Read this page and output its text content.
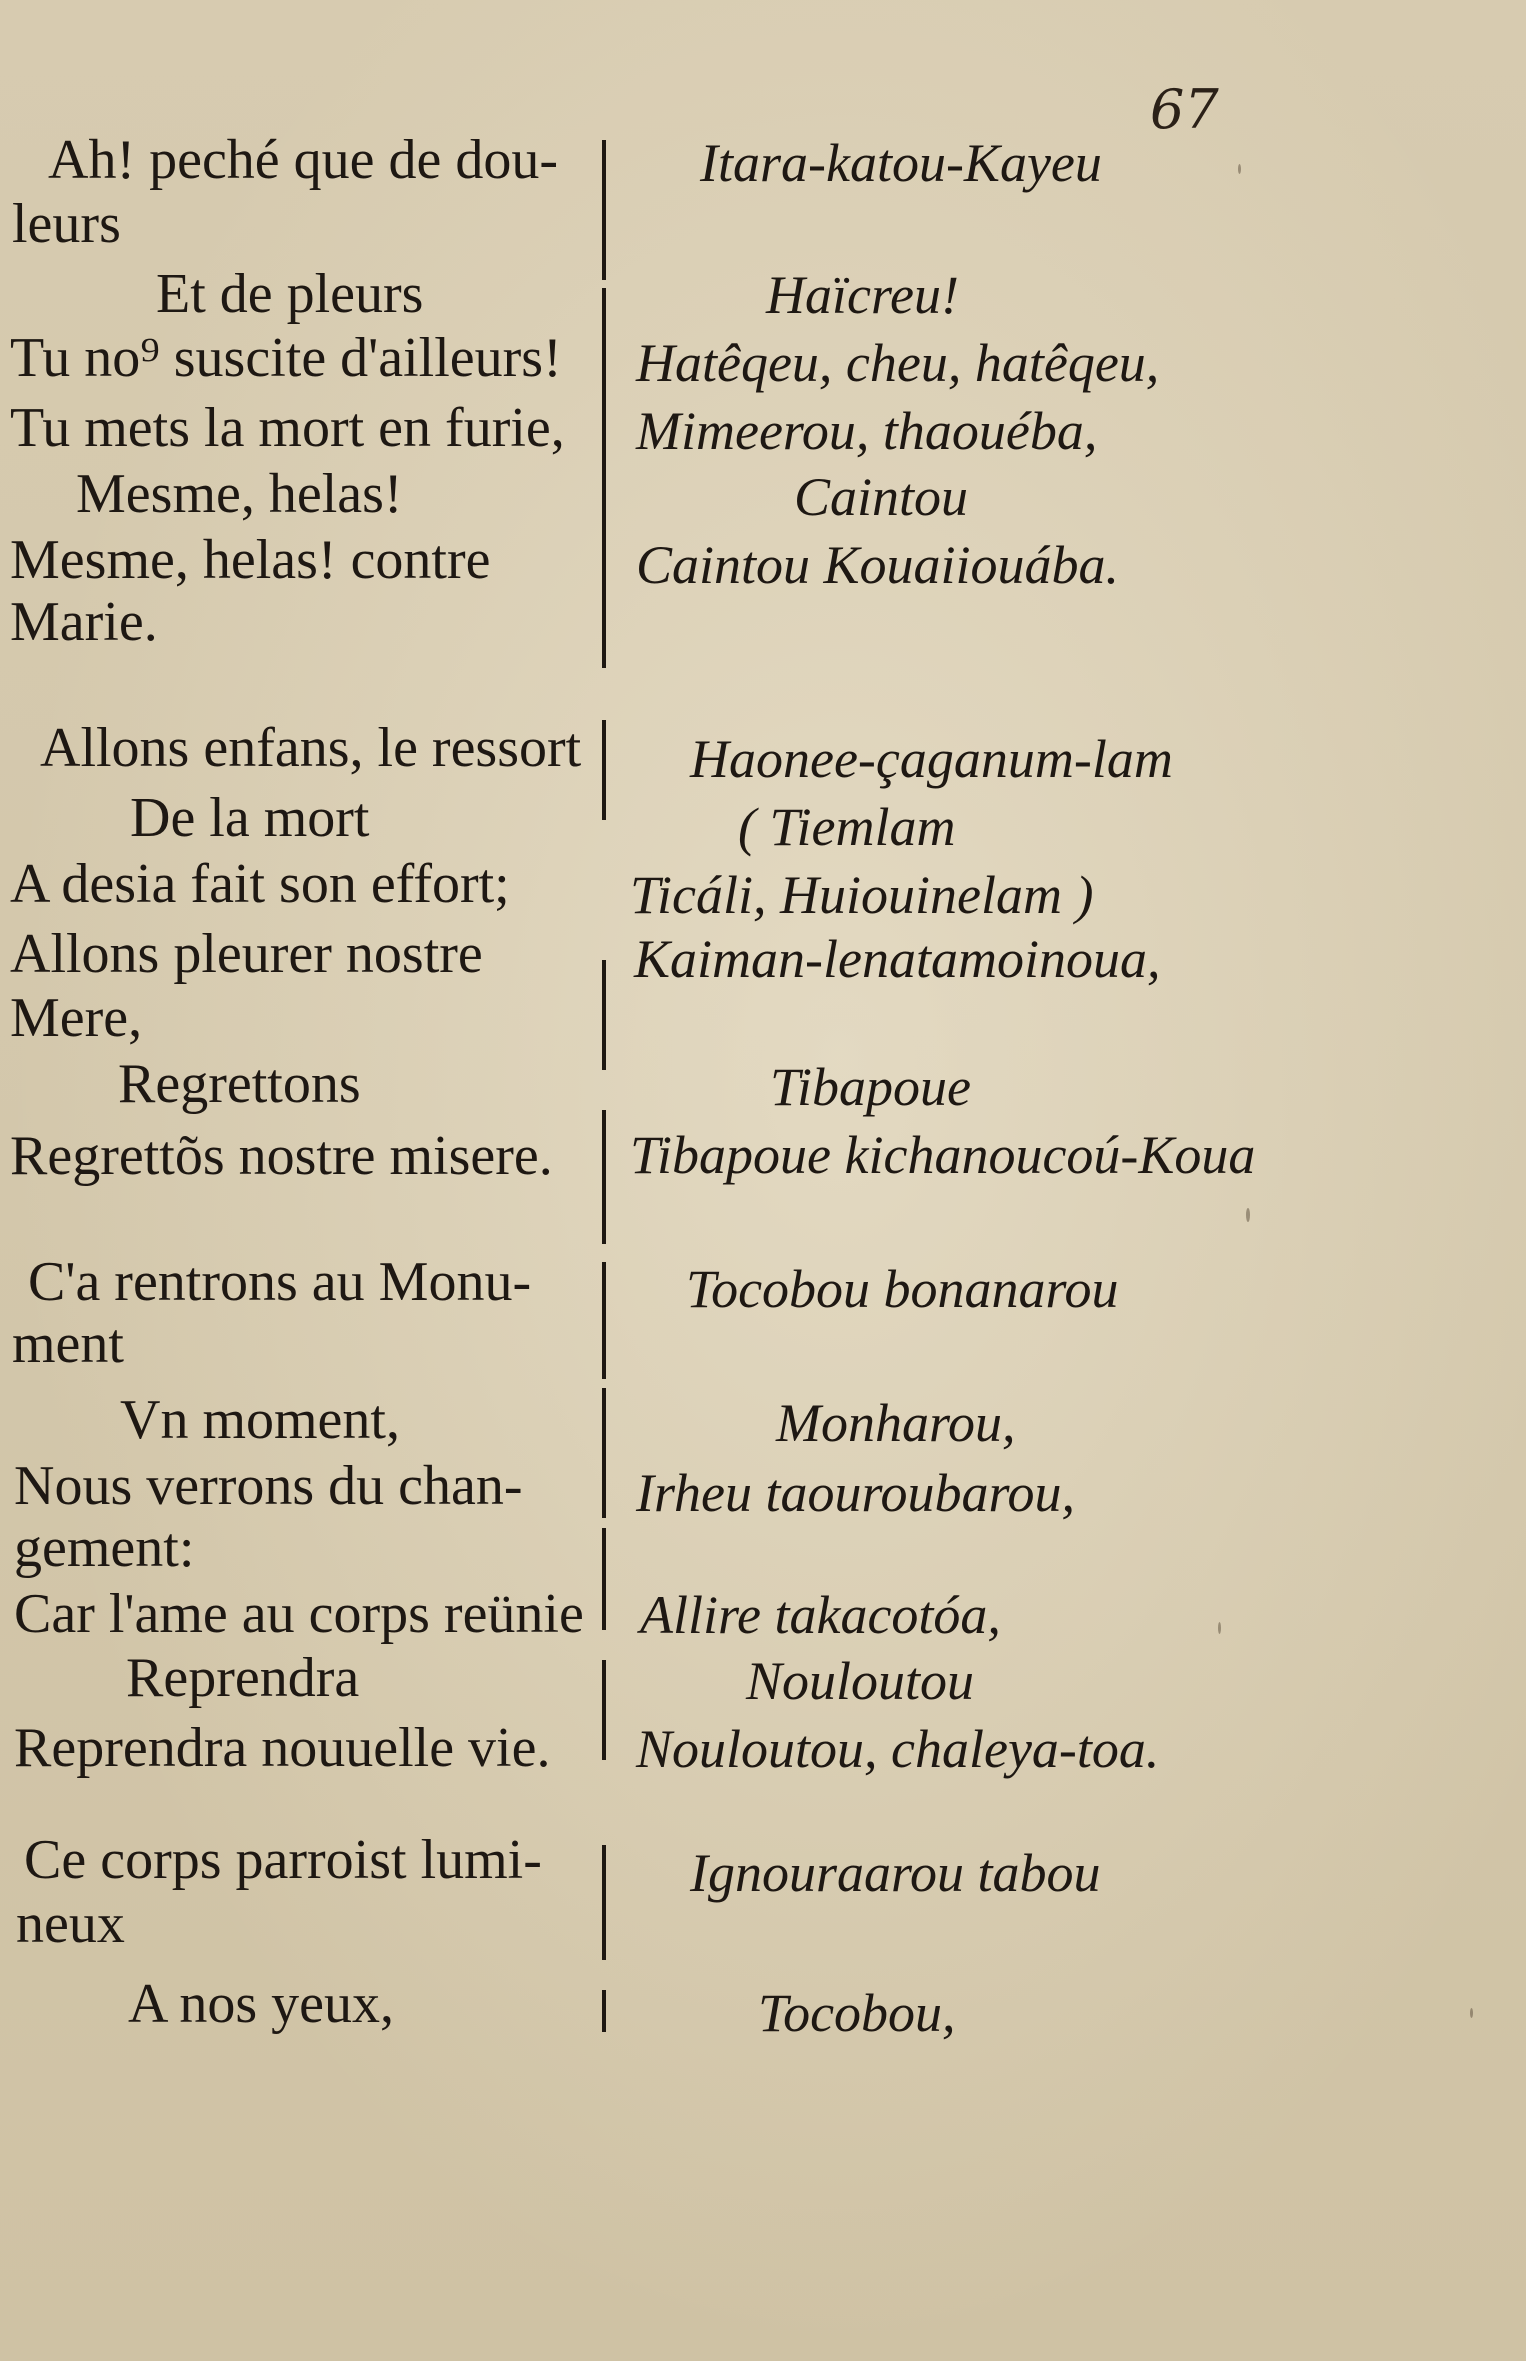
67
Ah! peché que de dou-
leurs
Et de pleurs
Tu no⁹ suscite d'ailleurs!
Tu mets la mort en furie,
Mesme, helas!
Mesme, helas! contre
Marie.
Allons enfans, le ressort
De la mort
A desia fait son effort;
Allons pleurer nostre
Mere,
Regrettons
Regrettõs nostre misere.
C'a rentrons au Monu-
ment
Vn moment,
Nous verrons du chan-
gement:
Car l'ame au corps reünie
Reprendra
Reprendra nouuelle vie.
Ce corps parroist lumi-
neux
A nos yeux,
Itara-katou-Kayeu
Haïcreu!
Hatêqeu, cheu, hatêqeu,
Mimeerou, thaouéba,
Caintou
Caintou Kouaiiouába.
Haonee-çaganum-lam
( Tiemlam
Ticáli, Huiouinelam )
Kaiman-lenatamoinoua,
Tibapoue
Tibapoue kichanoucoú-Koua
Tocobou bonanarou
Monharou,
Irheu taouroubarou,
Allire takacotóa,
Nouloutou
Nouloutou, chaleya-toa.
Ignouraarou tabou
Tocobou,
